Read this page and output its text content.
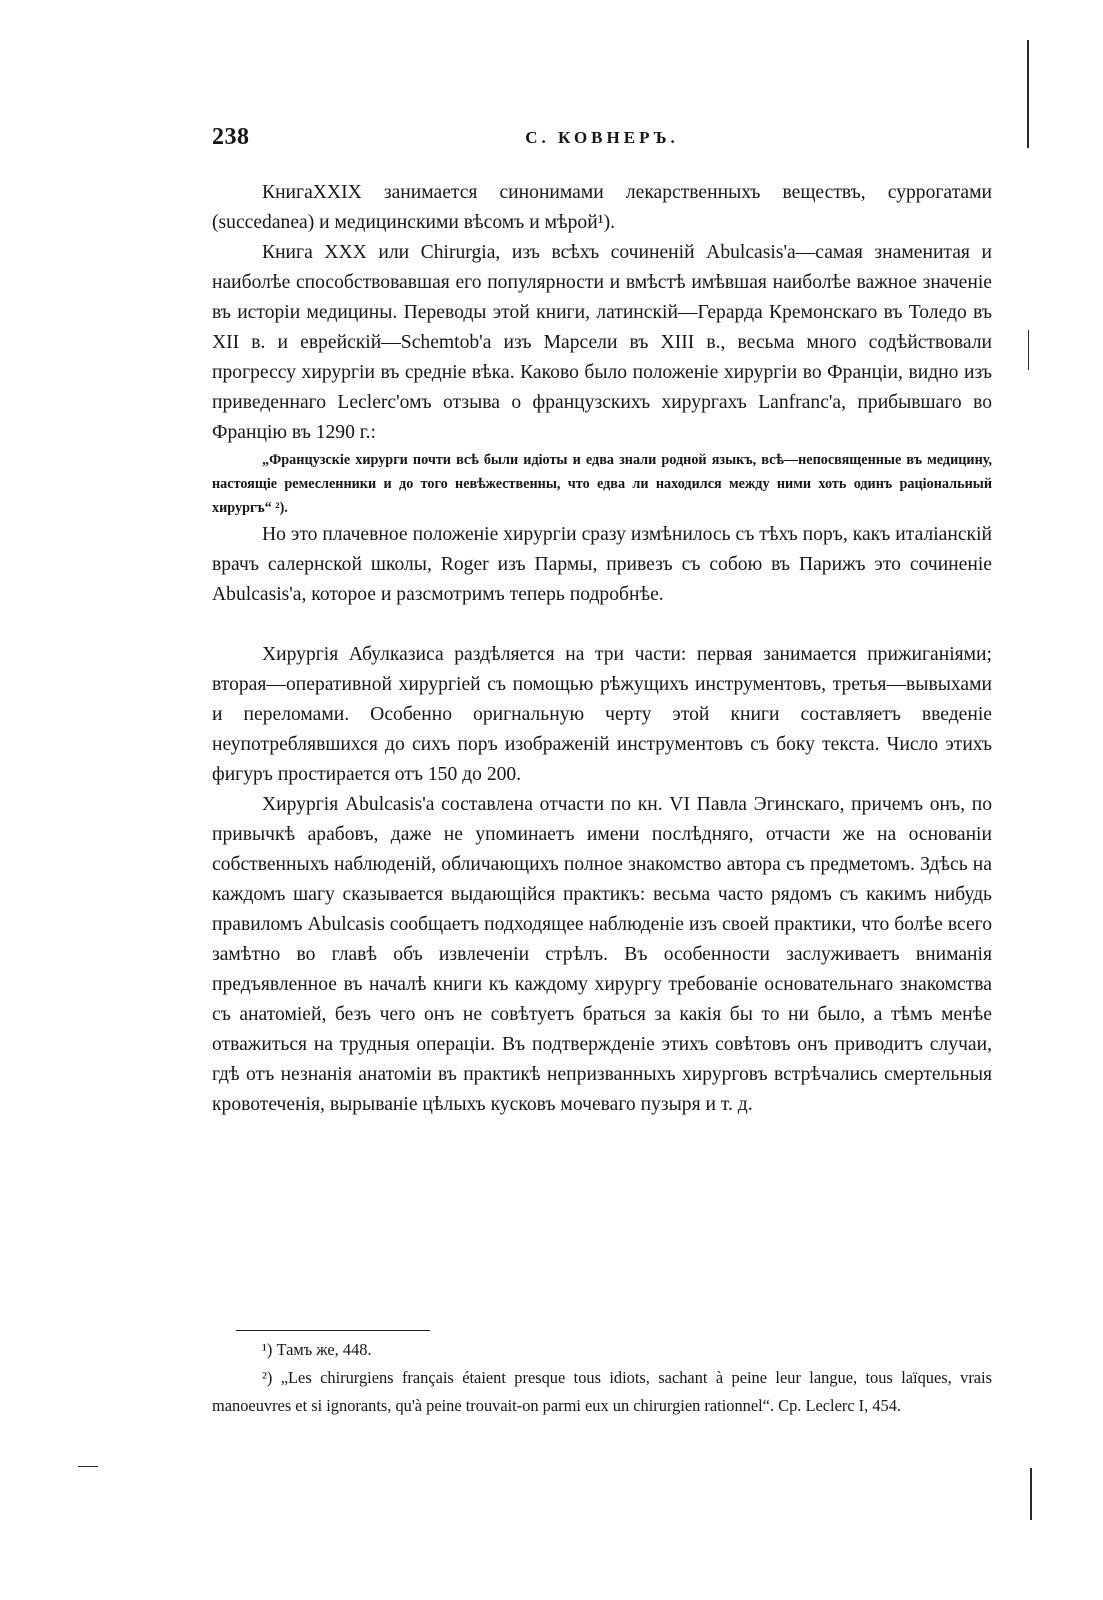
238	С. КОВНЕРЪ.

КнигаXXIX занимается синонимами лекарственныхъ веществъ, суррогатами (succedanea) и медицинскими вѣсомъ и мѣрой¹).

Книга XXX или Chirurgia, изъ всѣхъ сочиненій Abulcasis'а—самая знаменитая и наиболѣе способствовавшая его популярности и вмѣстѣ имѣвшая наиболѣе важное значеніе въ исторіи медицины. Переводы этой книги, латинскій—Герарда Кремонскаго въ Толедо въ XII в. и еврейскій—Schemtob'а изъ Марсели въ XIII в., весьма много содѣйствовали прогрессу хирургіи въ средніе вѣка. Каково было положеніе хирургіи во Франціи, видно изъ приведеннаго Leclerc'омъ отзыва о французскихъ хирургахъ Lanfranc'а, прибывшаго во Францію въ 1290 г.:

„Французскіе хирурги почти всѣ были идіоты и едва знали родной языкъ, всѣ—непосвященные въ медицину, настоящіе ремесленники и до того невѣжественны, что едва ли находился между ними хоть одинъ раціональный хирургъ“ ²).

Но это плачевное положеніе хирургіи сразу измѣнилось съ тѣхъ поръ, какъ италіанскій врачъ салернской школы, Roger изъ Пармы, привезъ съ собою въ Парижъ это сочиненіе Abulcasis'а, которое и разсмотримъ теперь подробнѣе.

Хирургія Абулказиса раздѣляется на три части: первая занимается прижиганіями; вторая—оперативной хирургіей съ помощью рѣжущихъ инструментовъ, третья—вывыхами и переломами. Особенно оригнальную черту этой книги составляетъ введеніе неупотреблявшихся до сихъ поръ изображеній инструментовъ съ боку текста. Число этихъ фигуръ простирается отъ 150 до 200.

Хирургія Abulcasis'а составлена отчасти по кн. VI Павла Эгинскаго, причемъ онъ, по привычкѣ арабовъ, даже не упоминаетъ имени послѣдняго, отчасти же на основаніи собственныхъ наблюденій, обличающихъ полное знакомство автора съ предметомъ. Здѣсь на каждомъ шагу сказывается выдающійся практикъ: весьма часто рядомъ съ какимъ нибудь правиломъ Abulcasis сообщаетъ подходящее наблюденіе изъ своей практики, что болѣе всего замѣтно во главѣ объ извлеченіи стрѣлъ. Въ особенности заслуживаетъ вниманія предъявленное въ началѣ книги къ каждому хирургу требованіе основательнаго знакомства съ анатоміей, безъ чего онъ не совѣтуетъ браться за какія бы то ни было, а тѣмъ менѣе отважиться на трудныя операціи. Въ подтвержденіе этихъ совѣтовъ онъ приводитъ случаи, гдѣ отъ незнанія анатоміи въ практикѣ непризванныхъ хирурговъ встрѣчались смертельныя кровотеченія, вырываніе цѣлыхъ кусковъ мочеваго пузыря и т. д.

¹) Тамъ же, 448.

²) „Les chirurgiens français étaient presque tous idiots, sachant à peine leur langue, tous laïques, vrais manoeuvres et si ignorants, qu'à peine trouvait-on parmi eux un chirurgien rationnel“. Ср. Leclerc I, 454.
